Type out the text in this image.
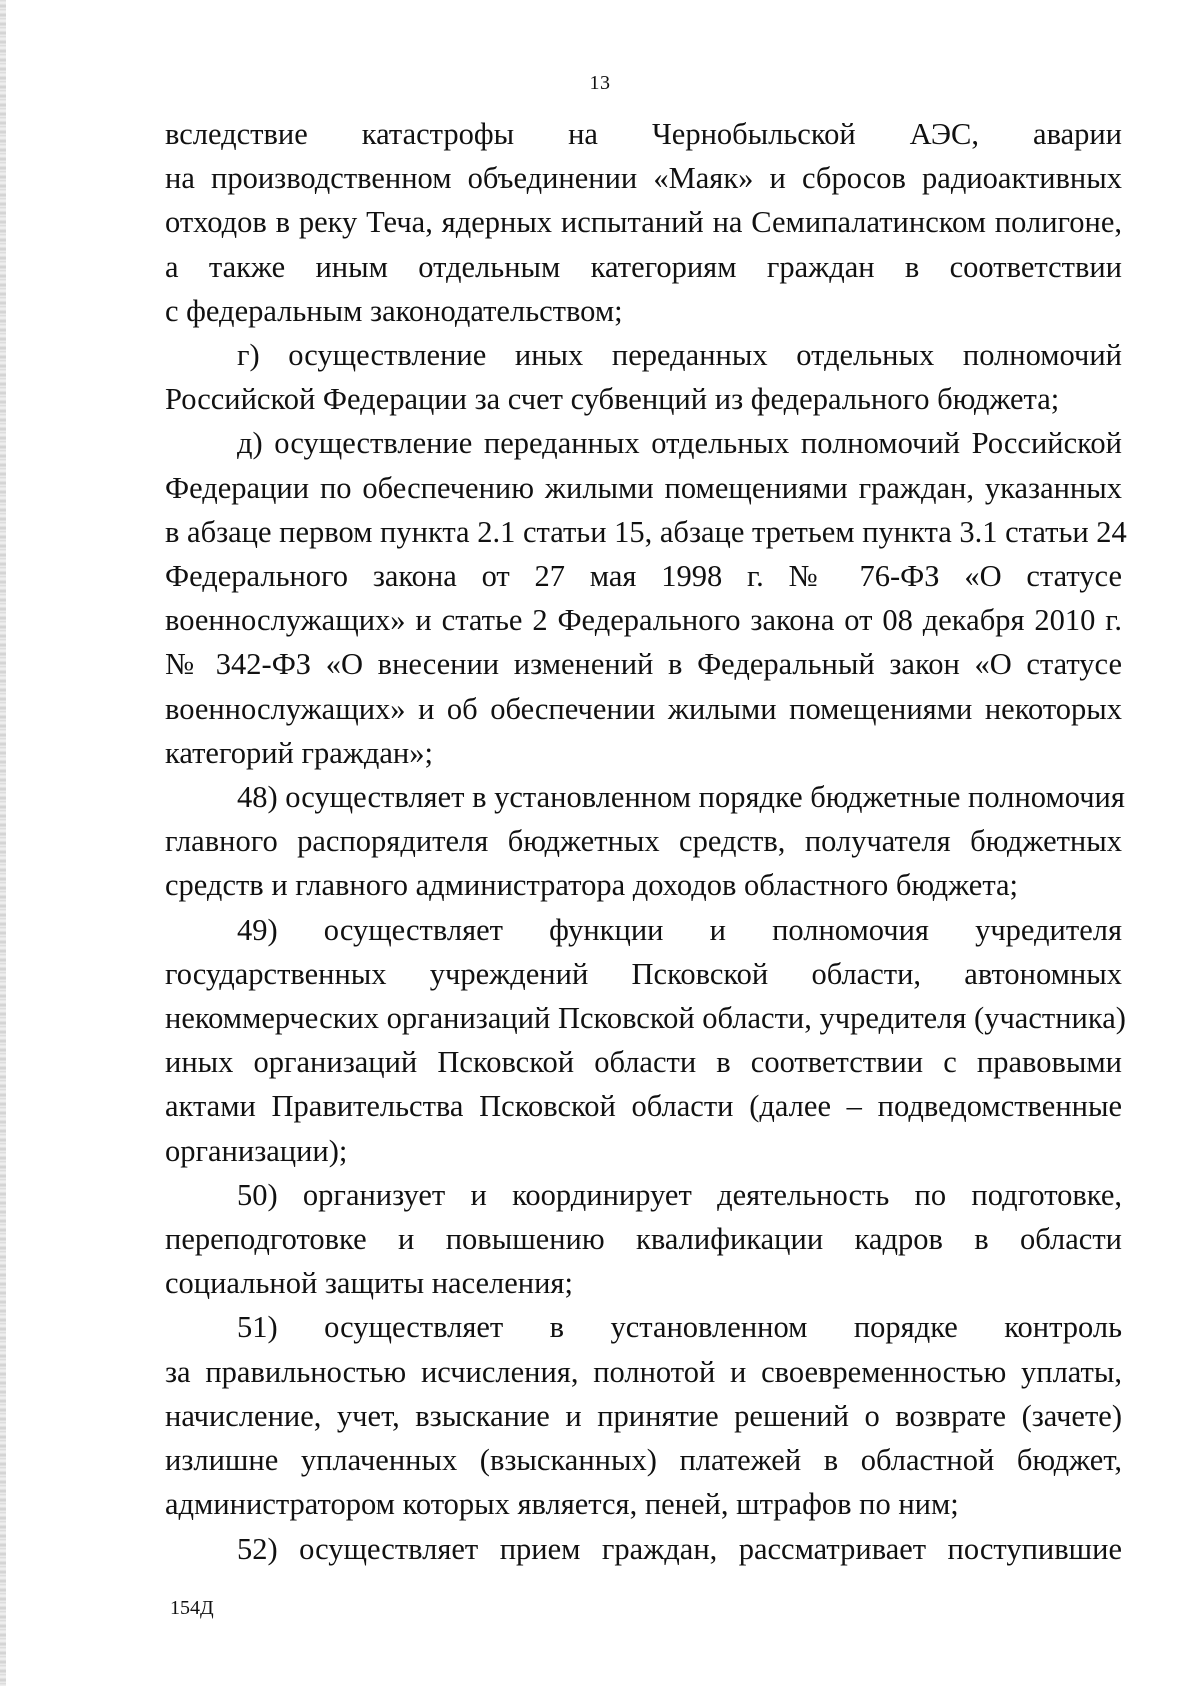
13

вследствие катастрофы на Чернобыльской АЭС, аварии
на производственном объединении «Маяк» и сбросов радиоактивных
отходов в реку Теча, ядерных испытаний на Семипалатинском полигоне,
а также иным отдельным категориям граждан в соответствии
с федеральным законодательством;

г) осуществление иных переданных отдельных полномочий
Российской Федерации за счет субвенций из федерального бюджета;

д) осуществление переданных отдельных полномочий Российской
Федерации по обеспечению жилыми помещениями граждан, указанных
в абзаце первом пункта 2.1 статьи 15, абзаце третьем пункта 3.1 статьи 24
Федерального закона от 27 мая 1998 г. № 76-ФЗ «О статусе
военнослужащих» и статье 2 Федерального закона от 08 декабря 2010 г.
№ 342-ФЗ «О внесении изменений в Федеральный закон «О статусе
военнослужащих» и об обеспечении жилыми помещениями некоторых
категорий граждан»;

48) осуществляет в установленном порядке бюджетные полномочия
главного распорядителя бюджетных средств, получателя бюджетных
средств и главного администратора доходов областного бюджета;

49) осуществляет функции и полномочия учредителя
государственных учреждений Псковской области, автономных
некоммерческих организаций Псковской области, учредителя (участника)
иных организаций Псковской области в соответствии с правовыми
актами Правительства Псковской области (далее – подведомственные
организации);

50) организует и координирует деятельность по подготовке,
переподготовке и повышению квалификации кадров в области
социальной защиты населения;

51) осуществляет в установленном порядке контроль
за правильностью исчисления, полнотой и своевременностью уплаты,
начисление, учет, взыскание и принятие решений о возврате (зачете)
излишне уплаченных (взысканных) платежей в областной бюджет,
администратором которых является, пеней, штрафов по ним;

52) осуществляет прием граждан, рассматривает поступившие

154Д
